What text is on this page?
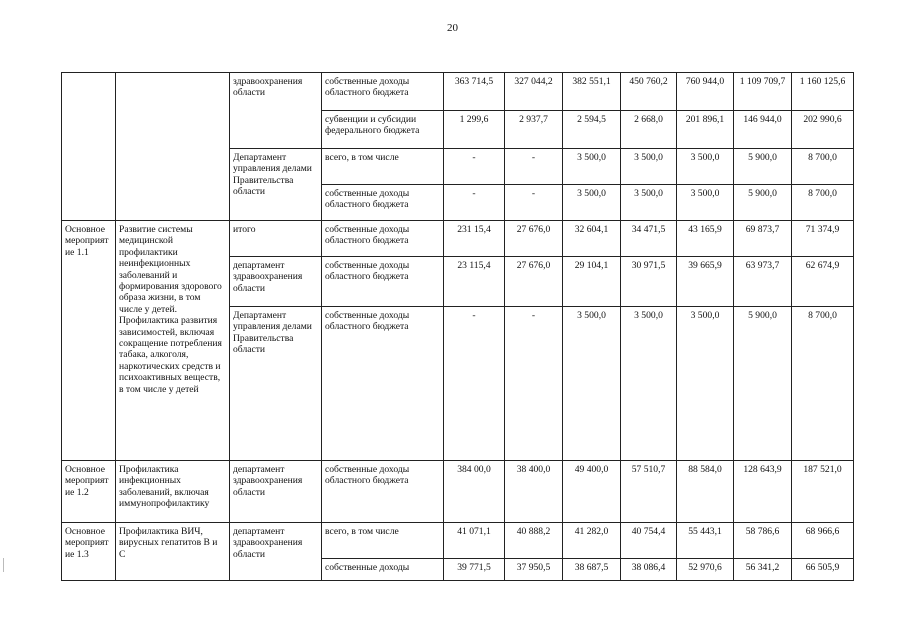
20
		здравоохранения области	собственные доходы областного бюджета	363 714,5	327 044,2	382 551,1	450 760,2	760 944,0	1 109 709,7	1 160 125,6
			субвенции и субсидии федерального бюджета	1 299,6	2 937,7	2 594,5	2 668,0	201 896,1	146 944,0	202 990,6
		Департамент управления делами Правительства области	всего, в том числе	-	-	3 500,0	3 500,0	3 500,0	5 900,0	8 700,0
			собственные доходы областного бюджета	-	-	3 500,0	3 500,0	3 500,0	5 900,0	8 700,0
Основное мероприятие 1.1	Развитие системы медицинской профилактики неинфекционных заболеваний и формирования здорового образа жизни, в том числе у детей. Профилактика развития зависимостей, включая сокращение потребления табака, алкоголя, наркотических средств и психоактивных веществ, в том числе у детей	итого	собственные доходы областного бюджета	231 15,4	27 676,0	32 604,1	34 471,5	43 165,9	69 873,7	71 374,9
		департамент здравоохранения области	собственные доходы областного бюджета	23 115,4	27 676,0	29 104,1	30 971,5	39 665,9	63 973,7	62 674,9
		Департамент управления делами Правительства области	собственные доходы областного бюджета	-	-	3 500,0	3 500,0	3 500,0	5 900,0	8 700,0
Основное мероприятие 1.2	Профилактика инфекционных заболеваний, включая иммунопрофилактику	департамент здравоохранения области	собственные доходы областного бюджета	384 00,0	38 400,0	49 400,0	57 510,7	88 584,0	128 643,9	187 521,0
Основное мероприятие 1.3	Профилактика ВИЧ, вирусных гепатитов В и С	департамент здравоохранения области	всего, в том числе	41 071,1	40 888,2	41 282,0	40 754,4	55 443,1	58 786,6	68 966,6
			собственные доходы	39 771,5	37 950,5	38 687,5	38 086,4	52 970,6	56 341,2	66 505,9
